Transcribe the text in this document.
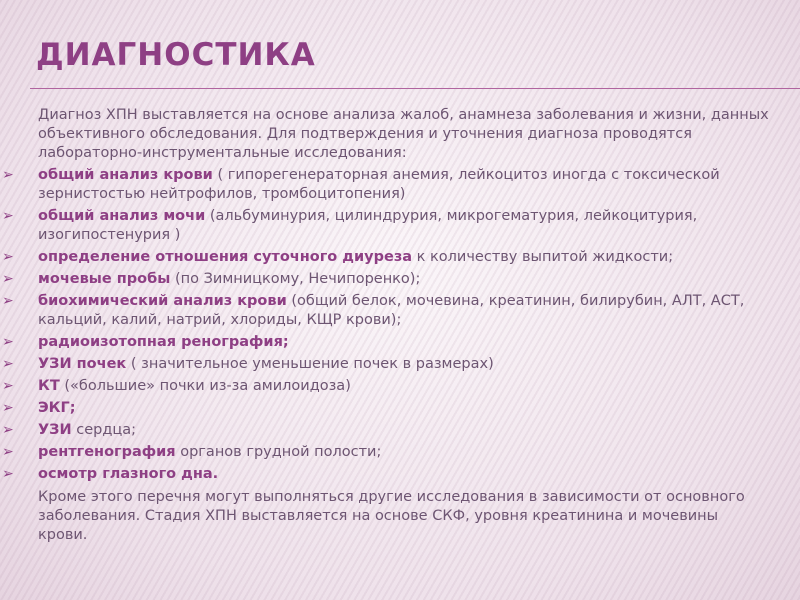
ДИАГНОСТИКА
Диагноз ХПН выставляется на основе анализа жалоб, анамнеза заболевания и жизни, данных объективного обследования. Для подтверждения и уточнения диагноза проводятся лабораторно-инструментальные исследования:
➢ общий анализ крови ( гипорегенераторная анемия, лейкоцитоз иногда с токсической зернистостью нейтрофилов, тромбоцитопения)
➢ общий анализ мочи (альбуминурия, цилиндрурия, микрогематурия, лейкоцитурия, изогипостенурия )
➢ определение отношения суточного диуреза к количеству выпитой жидкости;
➢ мочевые пробы (по Зимницкому, Нечипоренко);
➢ биохимический анализ крови (общий белок, мочевина, креатинин, билирубин, АЛТ, АСТ, кальций, калий, натрий, хлориды, КЩР крови);
➢ радиоизотопная ренография;
➢ УЗИ почек ( значительное уменьшение почек в размерах)
➢ КТ («большие» почки из-за амилоидоза)
➢ ЭКГ;
➢ УЗИ сердца;
➢ рентгенография органов грудной полости;
➢ осмотр глазного дна.
Кроме этого перечня могут выполняться другие исследования в зависимости от основного заболевания. Стадия ХПН выставляется на основе СКФ, уровня креатинина и мочевины крови.
